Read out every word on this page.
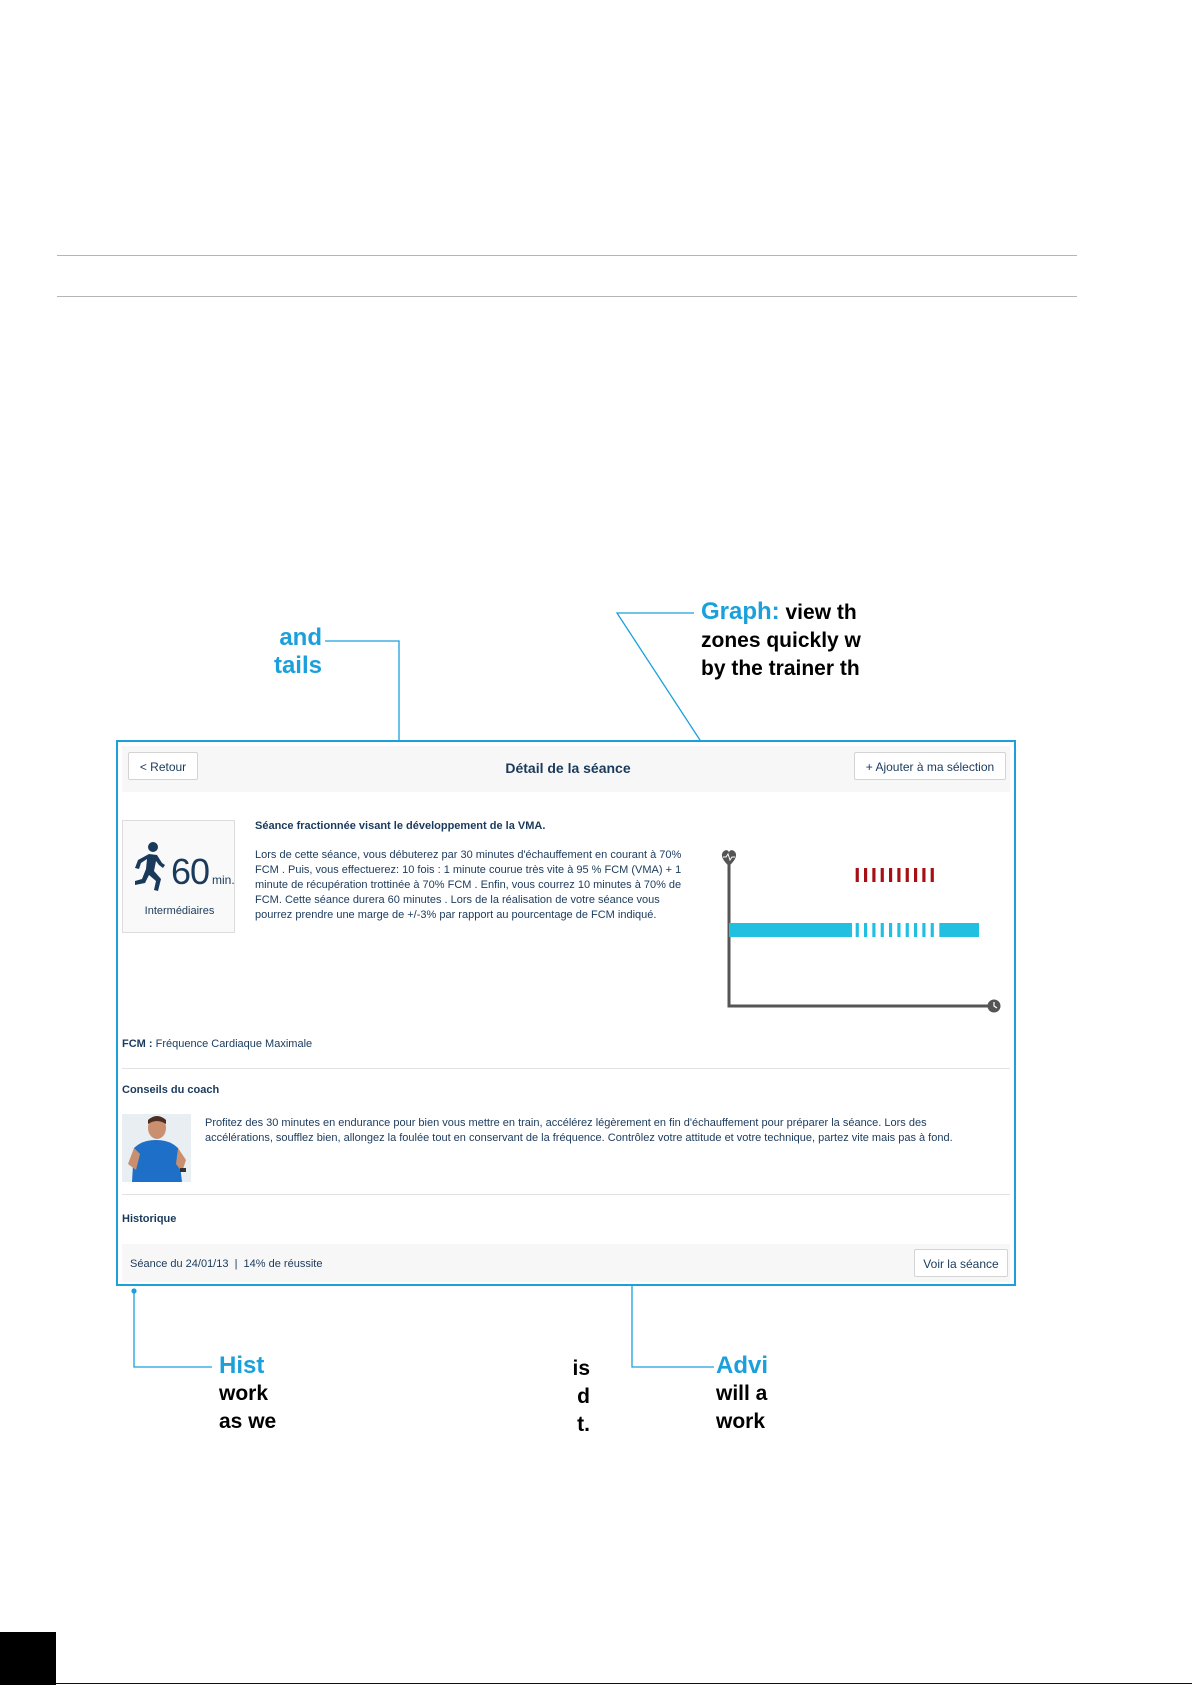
and
tails
Graph: view th
zones quickly w
by the trainer th
Hist
work
as we
is
d
t.
Advi
will a
work
< Retour	Détail de la séance	+ Ajouter à ma sélection
60 min.
Intermédiaires
Séance fractionnée visant le développement de la VMA.
Lors de cette séance, vous débuterez par 30 minutes d'échauffement en courant à 70% FCM . Puis, vous effectuerez: 10 fois : 1 minute courue très vite à 95 % FCM (VMA) + 1 minute de récupération trottinée à 70% FCM . Enfin, vous courrez 10 minutes à 70% de FCM. Cette séance durera 60 minutes . Lors de la réalisation de votre séance vous pourrez prendre une marge de +/-3% par rapport au pourcentage de FCM indiqué.
FCM : Fréquence Cardiaque Maximale
Conseils du coach
Profitez des 30 minutes en endurance pour bien vous mettre en train, accélérez légèrement en fin d'échauffement pour préparer la séance. Lors des accélérations, soufflez bien, allongez la foulée tout en conservant de la fréquence. Contrôlez votre attitude et votre technique, partez vite mais pas à fond.
Historique
Séance du 24/01/13  |  14% de réussite	Voir la séance
